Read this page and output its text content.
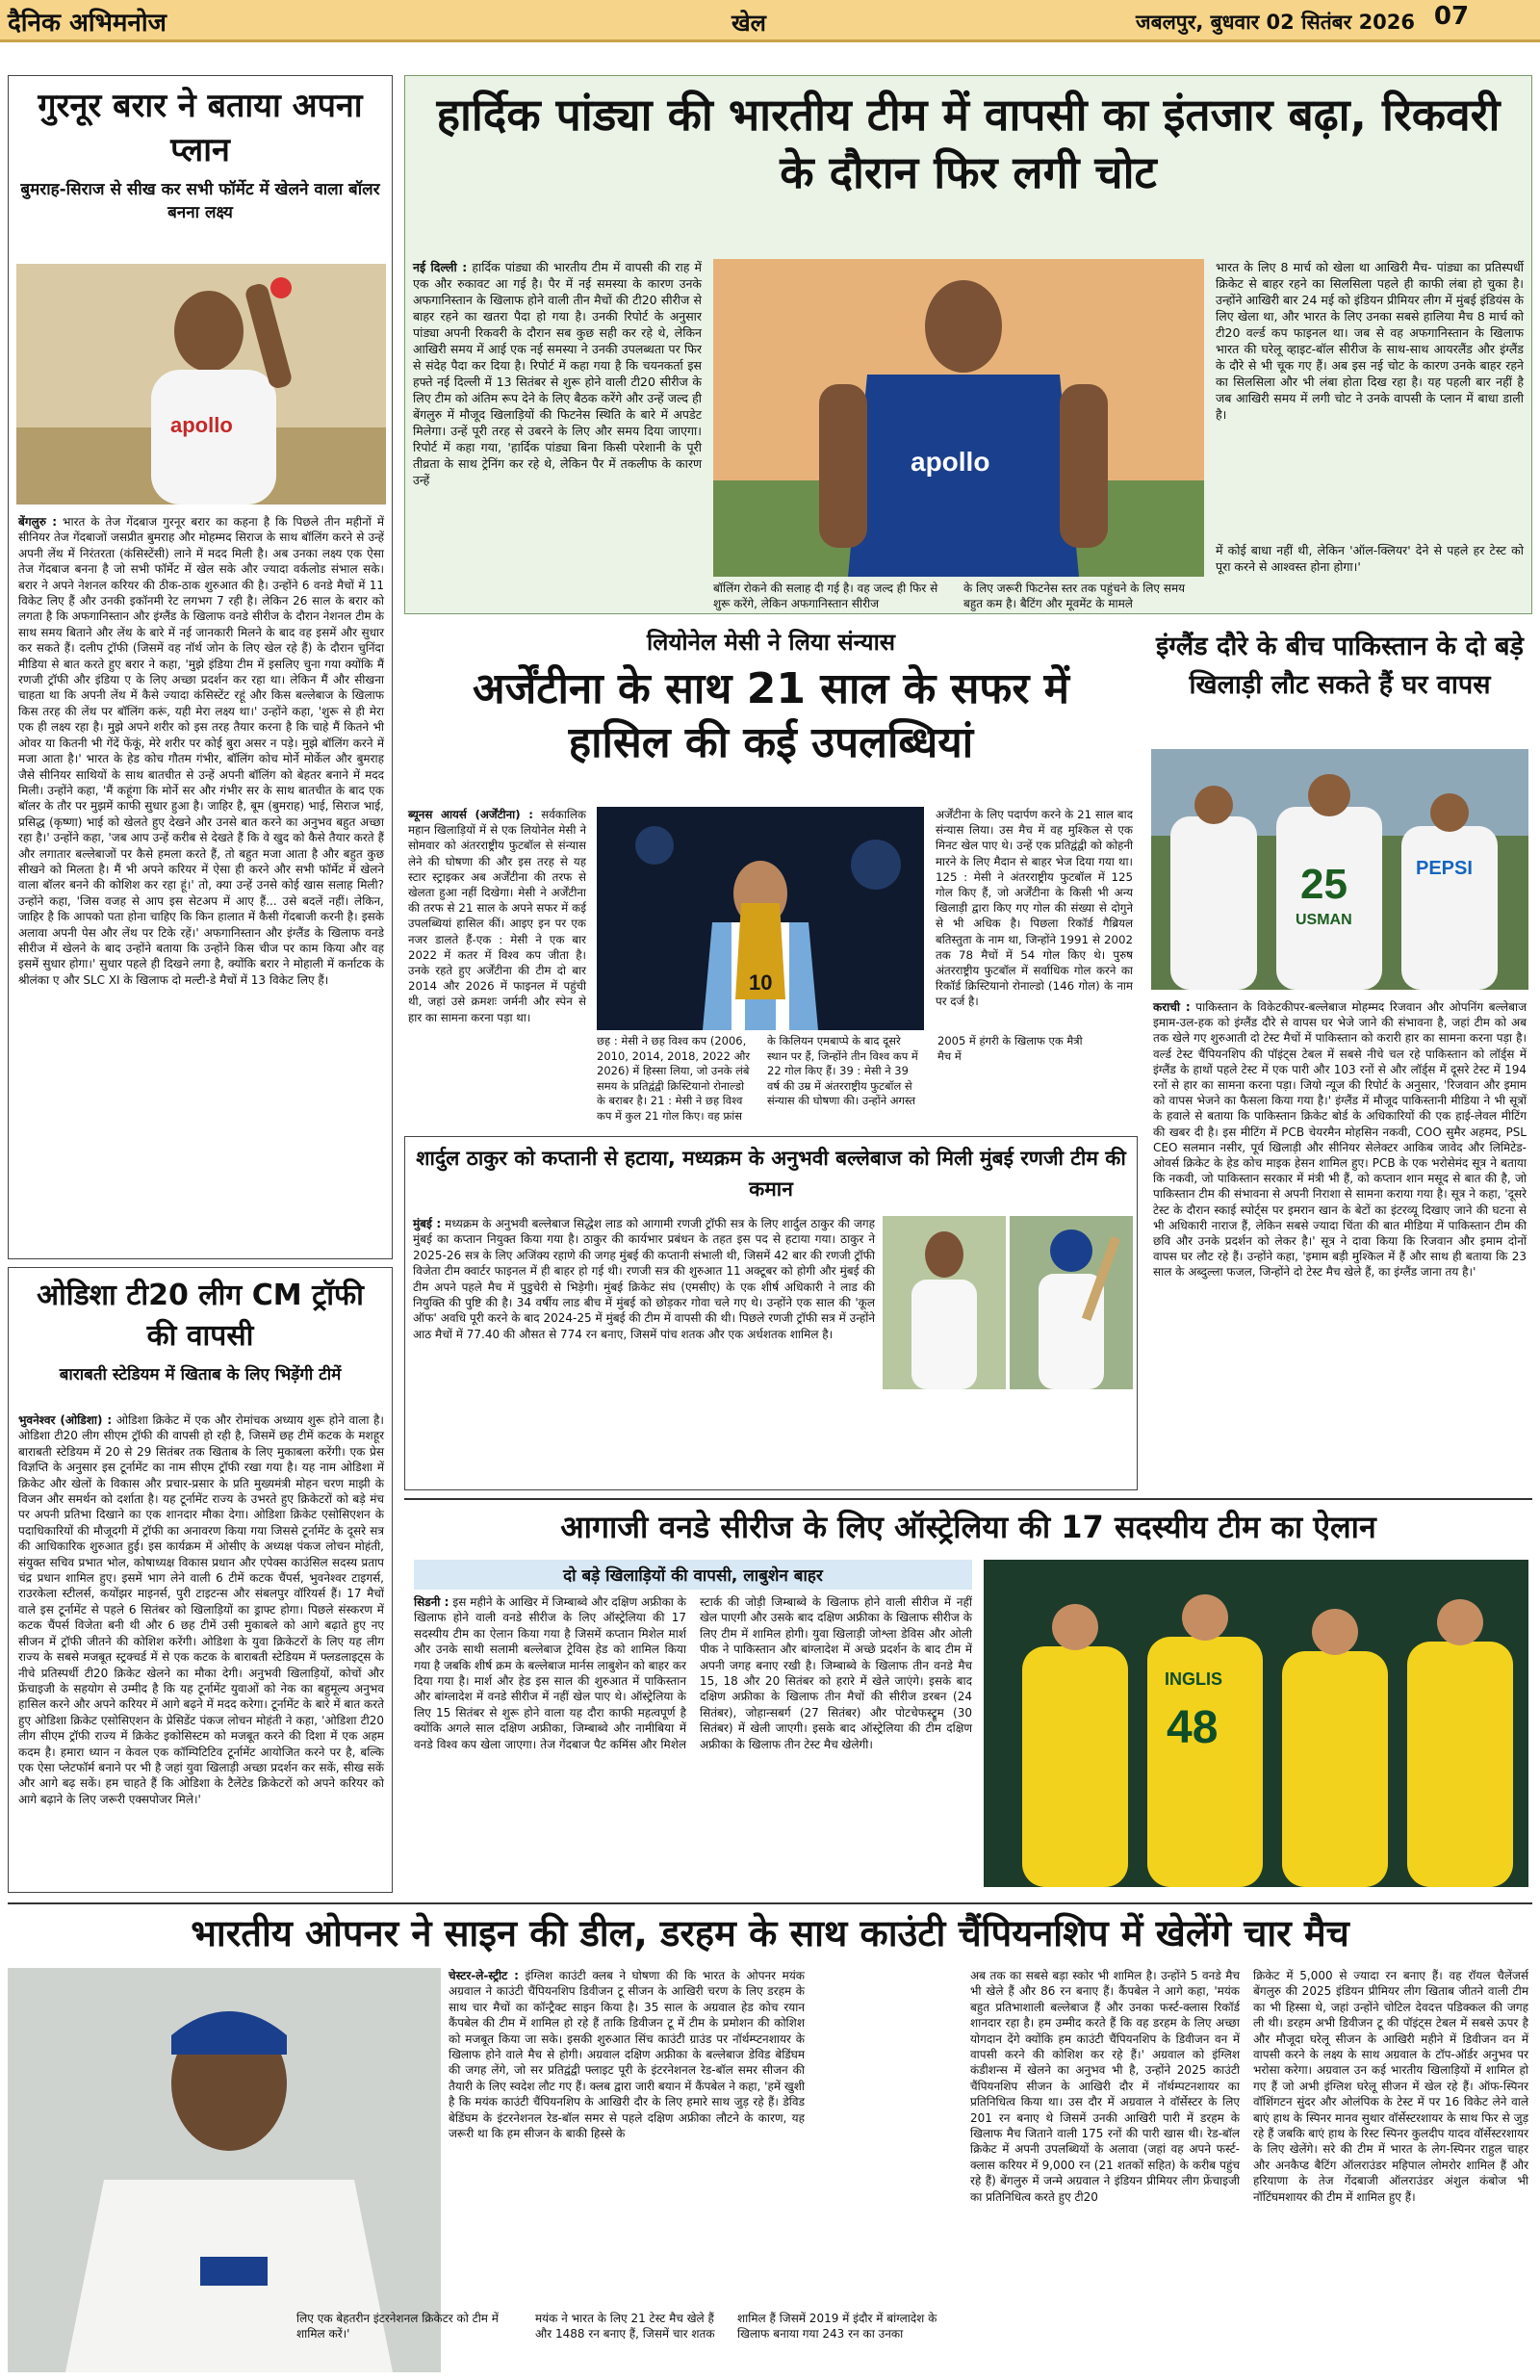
दैनिक अभिमनोज	खेल	जबलपुर, बुधवार 02 सितंबर 2026 07
गुरनूर बरार ने बताया अपना प्लान
बुमराह-सिराज से सीख कर सभी फॉर्मेट में खेलने वाला बॉलर बनना लक्ष्य
apollo
बेंगलुरु : भारत के तेज गेंदबाज गुरनूर बरार का कहना है कि पिछले तीन महीनों में सीनियर तेज गेंदबाजों जसप्रीत बुमराह और मोहम्मद सिराज के साथ बॉलिंग करने से उन्हें अपनी लेंथ में निरंतरता (कंसिस्टेंसी) लाने में मदद मिली है। अब उनका लक्ष्य एक ऐसा तेज गेंदबाज बनना है जो सभी फॉर्मेट में खेल सके और ज्यादा वर्कलोड संभाल सके। बरार ने अपने नेशनल करियर की ठीक-ठाक शुरुआत की है। उन्होंने 6 वनडे मैचों में 11 विकेट लिए हैं और उनकी इकॉनमी रेट लगभग 7 रही है। लेकिन 26 साल के बरार को लगता है कि अफगानिस्तान और इंग्लैंड के खिलाफ वनडे सीरीज के दौरान नेशनल टीम के साथ समय बिताने और लेंथ के बारे में नई जानकारी मिलने के बाद वह इसमें और सुधार कर सकते हैं। दलीप ट्रॉफी (जिसमें वह नॉर्थ जोन के लिए खेल रहे हैं) के दौरान चुनिंदा मीडिया से बात करते हुए बरार ने कहा, 'मुझे इंडिया टीम में इसलिए चुना गया क्योंकि मैं रणजी ट्रॉफी और इंडिया ए के लिए अच्छा प्रदर्शन कर रहा था। लेकिन मैं और सीखना चाहता था कि अपनी लेंथ में कैसे ज्यादा कंसिस्टेंट रहूं और किस बल्लेबाज के खिलाफ किस तरह की लेंथ पर बॉलिंग करूं, यही मेरा लक्ष्य था।' उन्होंने कहा, 'शुरू से ही मेरा एक ही लक्ष्य रहा है। मुझे अपने शरीर को इस तरह तैयार करना है कि चाहे मैं कितने भी ओवर या कितनी भी गेंदें फेंकूं, मेरे शरीर पर कोई बुरा असर न पड़े। मुझे बॉलिंग करने में मजा आता है।' भारत के हेड कोच गौतम गंभीर, बॉलिंग कोच मोर्ने मोर्केल और बुमराह जैसे सीनियर साथियों के साथ बातचीत से उन्हें अपनी बॉलिंग को बेहतर बनाने में मदद मिली। उन्होंने कहा, 'मैं कहूंगा कि मोर्ने सर और गंभीर सर के साथ बातचीत के बाद एक बॉलर के तौर पर मुझमें काफी सुधार हुआ है। जाहिर है, बूम (बुमराह) भाई, सिराज भाई, प्रसिद्ध (कृष्णा) भाई को खेलते हुए देखने और उनसे बात करने का अनुभव बहुत अच्छा रहा है।' उन्होंने कहा, 'जब आप उन्हें करीब से देखते हैं कि वे खुद को कैसे तैयार करते हैं और लगातार बल्लेबाजों पर कैसे हमला करते हैं, तो बहुत मजा आता है और बहुत कुछ सीखने को मिलता है। मैं भी अपने करियर में ऐसा ही करने और सभी फॉर्मेट में खेलने वाला बॉलर बनने की कोशिश कर रहा हूं।' तो, क्या उन्हें उनसे कोई खास सलाह मिली? उन्होंने कहा, 'जिस वजह से आप इस सेटअप में आए हैं... उसे बदलें नहीं। लेकिन, जाहिर है कि आपको पता होना चाहिए कि किन हालात में कैसी गेंदबाजी करनी है। इसके अलावा अपनी पेस और लेंथ पर टिके रहें।' अफगानिस्तान और इंग्लैंड के खिलाफ वनडे सीरीज में खेलने के बाद उन्होंने बताया कि उन्होंने किस चीज पर काम किया और वह इसमें सुधार होगा।' सुधार पहले ही दिखने लगा है, क्योंकि बरार ने मोहाली में कर्नाटक के श्रीलंका ए और SLC XI के खिलाफ दो मल्टी-डे मैचों में 13 विकेट लिए हैं।
ओडिशा टी20 लीग CM ट्रॉफी की वापसी
बाराबती स्टेडियम में खिताब के लिए भिड़ेंगी टीमें
भुवनेश्वर (ओडिशा) : ओडिशा क्रिकेट में एक और रोमांचक अध्याय शुरू होने वाला है। ओडिशा टी20 लीग सीएम ट्रॉफी की वापसी हो रही है, जिसमें छह टीमें कटक के मशहूर बाराबती स्टेडियम में 20 से 29 सितंबर तक खिताब के लिए मुकाबला करेंगी। एक प्रेस विज्ञप्ति के अनुसार इस टूर्नामेंट का नाम सीएम ट्रॉफी रखा गया है। यह नाम ओडिशा में क्रिकेट और खेलों के विकास और प्रचार-प्रसार के प्रति मुख्यमंत्री मोहन चरण माझी के विजन और समर्थन को दर्शाता है। यह टूर्नामेंट राज्य के उभरते हुए क्रिकेटरों को बड़े मंच पर अपनी प्रतिभा दिखाने का एक शानदार मौका देगा। ओडिशा क्रिकेट एसोसिएशन के पदाधिकारियों की मौजूदगी में ट्रॉफी का अनावरण किया गया जिससे टूर्नामेंट के दूसरे सत्र की आधिकारिक शुरुआत हुई। इस कार्यक्रम में ओसीए के अध्यक्ष पंकज लोचन मोहंती, संयुक्त सचिव प्रभात भोल, कोषाध्यक्ष विकास प्रधान और एपेक्स काउंसिल सदस्य प्रताप चंद्र प्रधान शामिल हुए। इसमें भाग लेने वाली 6 टीमें कटक चैंपर्स, भुवनेश्वर टाइगर्स, राउरकेला स्टीलर्स, कयोंझर माइनर्स, पुरी टाइटन्स और संबलपुर वॉरियर्स हैं। 17 मैचों वाले इस टूर्नामेंट से पहले 6 सितंबर को खिलाड़ियों का ड्राफ्ट होगा। पिछले संस्करण में कटक चैंपर्स विजेता बनी थी और 6 छह टीमें उसी मुकाबले को आगे बढ़ाते हुए नए सीजन में ट्रॉफी जीतने की कोशिश करेंगी। ओडिशा के युवा क्रिकेटरों के लिए यह लीग राज्य के सबसे मजबूत स्ट्रक्चर्ड में से एक कटक के बाराबती स्टेडियम में फ्लडलाइट्स के नीचे प्रतिस्पर्धी टी20 क्रिकेट खेलने का मौका देगी। अनुभवी खिलाड़ियों, कोचों और फ्रेंचाइजी के सहयोग से उम्मीद है कि यह टूर्नामेंट युवाओं को नेक का बहुमूल्य अनुभव हासिल करने और अपने करियर में आगे बढ़ने में मदद करेगा। टूर्नामेंट के बारे में बात करते हुए ओडिशा क्रिकेट एसोसिएशन के प्रेसिडेंट पंकज लोचन मोहंती ने कहा, 'ओडिशा टी20 लीग सीएम ट्रॉफी राज्य में क्रिकेट इकोसिस्टम को मजबूत करने की दिशा में एक अहम कदम है। हमारा ध्यान न केवल एक कॉम्पिटिटिव टूर्नामेंट आयोजित करने पर है, बल्कि एक ऐसा प्लेटफॉर्म बनाने पर भी है जहां युवा खिलाड़ी अच्छा प्रदर्शन कर सकें, सीख सकें और आगे बढ़ सकें। हम चाहते हैं कि ओडिशा के टैलेंटेड क्रिकेटरों को अपने करियर को आगे बढ़ाने के लिए जरूरी एक्सपोजर मिले।'
हार्दिक पांड्या की भारतीय टीम में वापसी का इंतजार बढ़ा, रिकवरी के दौरान फिर लगी चोट
नई दिल्ली : हार्दिक पांड्या की भारतीय टीम में वापसी की राह में एक और रुकावट आ गई है। पैर में नई समस्या के कारण उनके अफगानिस्तान के खिलाफ होने वाली तीन मैचों की टी20 सीरीज से बाहर रहने का खतरा पैदा हो गया है। उनकी रिपोर्ट के अनुसार पांड्या अपनी रिकवरी के दौरान सब कुछ सही कर रहे थे, लेकिन आखिरी समय में आई एक नई समस्या ने उनकी उपलब्धता पर फिर से संदेह पैदा कर दिया है। रिपोर्ट में कहा गया है कि चयनकर्ता इस हफ्ते नई दिल्ली में 13 सितंबर से शुरू होने वाली टी20 सीरीज के लिए टीम को अंतिम रूप देने के लिए बैठक करेंगे और उन्हें जल्द ही बेंगलुरु में मौजूद खिलाड़ियों की फिटनेस स्थिति के बारे में अपडेट मिलेगा। उन्हें पूरी तरह से उबरने के लिए और समय दिया जाएगा। रिपोर्ट में कहा गया, 'हार्दिक पांड्या बिना किसी परेशानी के पूरी तीव्रता के साथ ट्रेनिंग कर रहे थे, लेकिन पैर में तकलीफ के कारण उन्हें
apollo
बॉलिंग रोकने की सलाह दी गई है। वह जल्द ही फिर से शुरू करेंगे, लेकिन अफगानिस्तान सीरीज
के लिए जरूरी फिटनेस स्तर तक पहुंचने के लिए समय बहुत कम है। बैटिंग और मूवमेंट के मामले
भारत के लिए 8 मार्च को खेला था आखिरी मैच- पांड्या का प्रतिस्पर्धी क्रिकेट से बाहर रहने का सिलसिला पहले ही काफी लंबा हो चुका है। उन्होंने आखिरी बार 24 मई को इंडियन प्रीमियर लीग में मुंबई इंडियंस के लिए खेला था, और भारत के लिए उनका सबसे हालिया मैच 8 मार्च को टी20 वर्ल्ड कप फाइनल था। जब से वह अफगानिस्तान के खिलाफ भारत की घरेलू व्हाइट-बॉल सीरीज के साथ-साथ आयरलैंड और इंग्लैंड के दौरे से भी चूक गए हैं। अब इस नई चोट के कारण उनके बाहर रहने का सिलसिला और भी लंबा होता दिख रहा है। यह पहली बार नहीं है जब आखिरी समय में लगी चोट ने उनके वापसी के प्लान में बाधा डाली है।
में कोई बाधा नहीं थी, लेकिन 'ऑल-क्लियर' देने से पहले हर टेस्ट को पूरा करने से आश्वस्त होना होगा।'
लियोनेल मेसी ने लिया संन्यास
अर्जेंटीना के साथ 21 साल के सफर में हासिल की कई उपलब्धियां
ब्यूनस आयर्स (अर्जेंटीना) : सर्वकालिक महान खिलाड़ियों में से एक लियोनेल मेसी ने सोमवार को अंतरराष्ट्रीय फुटबॉल से संन्यास लेने की घोषणा की और इस तरह से यह स्टार स्ट्राइकर अब अर्जेंटीना की तरफ से खेलता हुआ नहीं दिखेगा। मेसी ने अर्जेंटीना की तरफ से 21 साल के अपने सफर में कई उपलब्धियां हासिल कीं। आइए इन पर एक नजर डालते हैं-एक : मेसी ने एक बार 2022 में कतर में विश्व कप जीता है। उनके रहते हुए अर्जेंटीना की टीम दो बार 2014 और 2026 में फाइनल में पहुंची थी, जहां उसे क्रमशः जर्मनी और स्पेन से हार का सामना करना पड़ा था।
10
छह : मेसी ने छह विश्व कप (2006, 2010, 2014, 2018, 2022 और 2026) में हिस्सा लिया, जो उनके लंबे समय के प्रतिद्वंद्वी क्रिस्टियानो रोनाल्डो के बराबर है। 21 : मेसी ने छह विश्व कप में कुल 21 गोल किए। वह फ्रांस के किलियन एमबाप्पे के बाद दूसरे स्थान पर हैं, जिन्होंने तीन विश्व कप में 22 गोल किए हैं। 39 : मेसी ने 39 वर्ष की उम्र में अंतरराष्ट्रीय फुटबॉल से संन्यास की घोषणा की। उन्होंने अगस्त 2005 में हंगरी के खिलाफ एक मैत्री मैच में
अर्जेंटीना के लिए पदार्पण करने के 21 साल बाद संन्यास लिया। उस मैच में वह मुश्किल से एक मिनट खेल पाए थे। उन्हें एक प्रतिद्वंद्वी को कोहनी मारने के लिए मैदान से बाहर भेज दिया गया था। 125 : मेसी ने अंतरराष्ट्रीय फुटबॉल में 125 गोल किए हैं, जो अर्जेंटीना के किसी भी अन्य खिलाड़ी द्वारा किए गए गोल की संख्या से दोगुने से भी अधिक है। पिछला रिकॉर्ड गैब्रियल बतिस्तुता के नाम था, जिन्होंने 1991 से 2002 तक 78 मैचों में 54 गोल किए थे। पुरुष अंतरराष्ट्रीय फुटबॉल में सर्वाधिक गोल करने का रिकॉर्ड क्रिस्टियानो रोनाल्डो (146 गोल) के नाम पर दर्ज है।
इंग्लैंड दौरे के बीच पाकिस्तान के दो बड़े खिलाड़ी लौट सकते हैं घर वापस
25
USMAN
PEPSI
कराची : पाकिस्तान के विकेटकीपर-बल्लेबाज मोहम्मद रिजवान और ओपनिंग बल्लेबाज इमाम-उल-हक को इंग्लैंड दौरे से वापस घर भेजे जाने की संभावना है, जहां टीम को अब तक खेले गए शुरुआती दो टेस्ट मैचों में पाकिस्तान को करारी हार का सामना करना पड़ा है। वर्ल्ड टेस्ट चैंपियनशिप की पॉइंट्स टेबल में सबसे नीचे चल रहे पाकिस्तान को लॉर्ड्स में इंग्लैंड के हाथों पहले टेस्ट में एक पारी और 103 रनों से और लॉर्ड्स में दूसरे टेस्ट में 194 रनों से हार का सामना करना पड़ा। जियो न्यूज की रिपोर्ट के अनुसार, 'रिजवान और इमाम को वापस भेजने का फैसला किया गया है।' इंग्लैंड में मौजूद पाकिस्तानी मीडिया ने भी सूत्रों के हवाले से बताया कि पाकिस्तान क्रिकेट बोर्ड के अधिकारियों की एक हाई-लेवल मीटिंग की खबर दी है। इस मीटिंग में PCB चेयरमैन मोहसिन नकवी, COO सुमैर अहमद, PSL CEO सलमान नसीर, पूर्व खिलाड़ी और सीनियर सेलेक्टर आकिब जावेद और लिमिटेड-ओवर्स क्रिकेट के हेड कोच माइक हेसन शामिल हुए। PCB के एक भरोसेमंद सूत्र ने बताया कि नकवी, जो पाकिस्तान सरकार में मंत्री भी हैं, को कप्तान शान मसूद से बात की है, जो पाकिस्तान टीम की संभावना से अपनी निराशा से सामना कराया गया है। सूत्र ने कहा, 'दूसरे टेस्ट के दौरान स्काई स्पोर्ट्स पर इमरान खान के बेटों का इंटरव्यू दिखाए जाने की घटना से भी अधिकारी नाराज हैं, लेकिन सबसे ज्यादा चिंता की बात मीडिया में पाकिस्तान टीम की छवि और उनके प्रदर्शन को लेकर है।' सूत्र ने दावा किया कि रिजवान और इमाम दोनों वापस घर लौट रहे हैं। उन्होंने कहा, 'इमाम बड़ी मुश्किल में हैं और साथ ही बताया कि 23 साल के अब्दुल्ला फजल, जिन्होंने दो टेस्ट मैच खेले हैं, का इंग्लैंड जाना तय है।'
शार्दुल ठाकुर को कप्तानी से हटाया, मध्यक्रम के अनुभवी बल्लेबाज को मिली मुंबई रणजी टीम की कमान
मुंबई : मध्यक्रम के अनुभवी बल्लेबाज सिद्धेश लाड को आगामी रणजी ट्रॉफी सत्र के लिए शार्दुल ठाकुर की जगह मुंबई का कप्तान नियुक्त किया गया है। ठाकुर की कार्यभार प्रबंधन के तहत इस पद से हटाया गया। ठाकुर ने 2025-26 सत्र के लिए अजिंक्य रहाणे की जगह मुंबई की कप्तानी संभाली थी, जिसमें 42 बार की रणजी ट्रॉफी विजेता टीम क्वार्टर फाइनल में ही बाहर हो गई थी। रणजी सत्र की शुरुआत 11 अक्टूबर को होगी और मुंबई की टीम अपने पहले मैच में पुडुचेरी से भिड़ेगी। मुंबई क्रिकेट संघ (एमसीए) के एक शीर्ष अधिकारी ने लाड की नियुक्ति की पुष्टि की है। 34 वर्षीय लाड बीच में मुंबई को छोड़कर गोवा चले गए थे। उन्होंने एक साल की 'कूल ऑफ' अवधि पूरी करने के बाद 2024-25 में मुंबई की टीम में वापसी की थी। पिछले रणजी ट्रॉफी सत्र में उन्होंने आठ मैचों में 77.40 की औसत से 774 रन बनाए, जिसमें पांच शतक और एक अर्धशतक शामिल है।
आगाजी वनडे सीरीज के लिए ऑस्ट्रेलिया की 17 सदस्यीय टीम का ऐलान
दो बड़े खिलाड़ियों की वापसी, लाबुशेन बाहर
सिडनी : इस महीने के आखिर में जिम्बाब्वे और दक्षिण अफ्रीका के खिलाफ होने वाली वनडे सीरीज के लिए ऑस्ट्रेलिया की 17 सदस्यीय टीम का ऐलान किया गया है जिसमें कप्तान मिशेल मार्श और उनके साथी सलामी बल्लेबाज ट्रेविस हेड को शामिल किया गया है जबकि शीर्ष क्रम के बल्लेबाज मार्नस लाबुशेन को बाहर कर दिया गया है। मार्श और हेड इस साल की शुरुआत में पाकिस्तान और बांग्लादेश में वनडे सीरीज में नहीं खेल पाए थे। ऑस्ट्रेलिया के लिए 15 सितंबर से शुरू होने वाला यह दौरा काफी महत्वपूर्ण है क्योंकि अगले साल दक्षिण अफ्रीका, जिम्बाब्वे और नामीबिया में वनडे विश्व कप खेला जाएगा। तेज गेंदबाज पैट कमिंस और मिशेल स्टार्क की जोड़ी जिम्बाब्वे के खिलाफ होने वाली सीरीज में नहीं खेल पाएगी और उसके बाद दक्षिण अफ्रीका के खिलाफ सीरीज के लिए टीम में शामिल होगी। युवा खिलाड़ी जोश्ला डेविस और ओली पीक ने पाकिस्तान और बांग्लादेश में अच्छे प्रदर्शन के बाद टीम में अपनी जगह बनाए रखी है। जिम्बाब्वे के खिलाफ तीन वनडे मैच 15, 18 और 20 सितंबर को हरारे में खेले जाएंगे। इसके बाद दक्षिण अफ्रीका के खिलाफ तीन मैचों की सीरीज डरबन (24 सितंबर), जोहान्सबर्ग (27 सितंबर) और पोटचेफस्ट्रूम (30 सितंबर) में खेली जाएगी। इसके बाद ऑस्ट्रेलिया की टीम दक्षिण अफ्रीका के खिलाफ तीन टेस्ट मैच खेलेगी।	48
INGLIS
भारतीय ओपनर ने साइन की डील, डरहम के साथ काउंटी चैंपियनशिप में खेलेंगे चार मैच
चेस्टर-ले-स्ट्रीट : इंग्लिश काउंटी क्लब ने घोषणा की कि भारत के ओपनर मयंक अग्रवाल ने काउंटी चैंपियनशिप डिवीजन टू सीजन के आखिरी चरण के लिए डरहम के साथ चार मैचों का कॉन्ट्रैक्ट साइन किया है। 35 साल के अग्रवाल हेड कोच रयान कैंपबेल की टीम में शामिल हो रहे हैं ताकि डिवीजन टू में टीम के प्रमोशन की कोशिश को मजबूत किया जा सके। इसकी शुरुआत सिंच काउंटी ग्राउंड पर नॉर्थम्प्टनशायर के खिलाफ होने वाले मैच से होगी। अग्रवाल दक्षिण अफ्रीका के बल्लेबाज डेविड बेडिंघम की जगह लेंगे, जो सर प्रतिद्वंद्वी फ्लाइट पूरी के इंटरनेशनल रेड-बॉल समर सीजन की तैयारी के लिए स्वदेश लौट गए हैं। क्लब द्वारा जारी बयान में कैंपबेल ने कहा, 'हमें खुशी है कि मयंक काउंटी चैंपियनशिप के आखिरी दौर के लिए हमारे साथ जुड़ रहे हैं। डेविड बेडिंघम के इंटरनेशनल रेड-बॉल समर से पहले दक्षिण अफ्रीका लौटने के कारण, यह जरूरी था कि हम सीजन के बाकी हिस्से के
लिए एक बेहतरीन इंटरनेशनल क्रिकेटर को टीम में शामिल करें।'
मयंक ने भारत के लिए 21 टेस्ट मैच खेले हैं और 1488 रन बनाए हैं, जिसमें चार शतक
शामिल हैं जिसमें 2019 में इंदौर में बांग्लादेश के खिलाफ बनाया गया 243 रन का उनका
अब तक का सबसे बड़ा स्कोर भी शामिल है। उन्होंने 5 वनडे मैच भी खेले हैं और 86 रन बनाए हैं। कैंपबेल ने आगे कहा, 'मयंक बहुत प्रतिभाशाली बल्लेबाज हैं और उनका फर्स्ट-क्लास रिकॉर्ड शानदार रहा है। हम उम्मीद करते हैं कि वह डरहम के लिए अच्छा योगदान देंगे क्योंकि हम काउंटी चैंपियनशिप के डिवीजन वन में वापसी करने की कोशिश कर रहे हैं।' अग्रवाल को इंग्लिश कंडीशन्स में खेलने का अनुभव भी है, उन्होंने 2025 काउंटी चैंपियनशिप सीजन के आखिरी दौर में नॉर्थम्पटनशायर का प्रतिनिधित्व किया था। उस दौर में अग्रवाल ने वॉर्सेस्टर के लिए 201 रन बनाए थे जिसमें उनकी आखिरी पारी में डरहम के खिलाफ मैच जिताने वाली 175 रनों की पारी खास थी। रेड-बॉल क्रिकेट में अपनी उपलब्धियों के अलावा (जहां वह अपने फर्स्ट-क्लास करियर में 9,000 रन (21 शतकों सहित) के करीब पहुंच रहे हैं) बेंगलुरु में जन्मे अग्रवाल ने इंडियन प्रीमियर लीग फ्रेंचाइजी का प्रतिनिधित्व करते हुए टी20
क्रिकेट में 5,000 से ज्यादा रन बनाए हैं। वह रॉयल चैलेंजर्स बेंगलुरु की 2025 इंडियन प्रीमियर लीग खिताब जीतने वाली टीम का भी हिस्सा थे, जहां उन्होंने चोटिल देवदत्त पडिक्कल की जगह ली थी। डरहम अभी डिवीजन टू की पॉइंट्स टेबल में सबसे ऊपर है और मौजूदा घरेलू सीजन के आखिरी महीने में डिवीजन वन में वापसी करने के लक्ष्य के साथ अग्रवाल के टॉप-ऑर्डर अनुभव पर भरोसा करेगा। अग्रवाल उन कई भारतीय खिलाड़ियों में शामिल हो गए हैं जो अभी इंग्लिश घरेलू सीजन में खेल रहे हैं। ऑफ-स्पिनर वॉशिंगटन सुंदर और ओलंपिक के टेस्ट में पर 16 विकेट लेने वाले बाएं हाथ के स्पिनर मानव सुथार वॉर्सेस्टरशायर के साथ फिर से जुड़ रहे हैं जबकि बाएं हाथ के रिस्ट स्पिनर कुलदीप यादव वॉर्सेस्टरशायर के लिए खेलेंगे। सरे की टीम में भारत के लेग-स्पिनर राहुल चाहर और अनकैप्ड बैटिंग ऑलराउंडर महिपाल लोमरोर शामिल हैं और हरियाणा के तेज गेंदबाजी ऑलराउंडर अंशुल कंबोज भी नॉटिंघमशायर की टीम में शामिल हुए हैं।
